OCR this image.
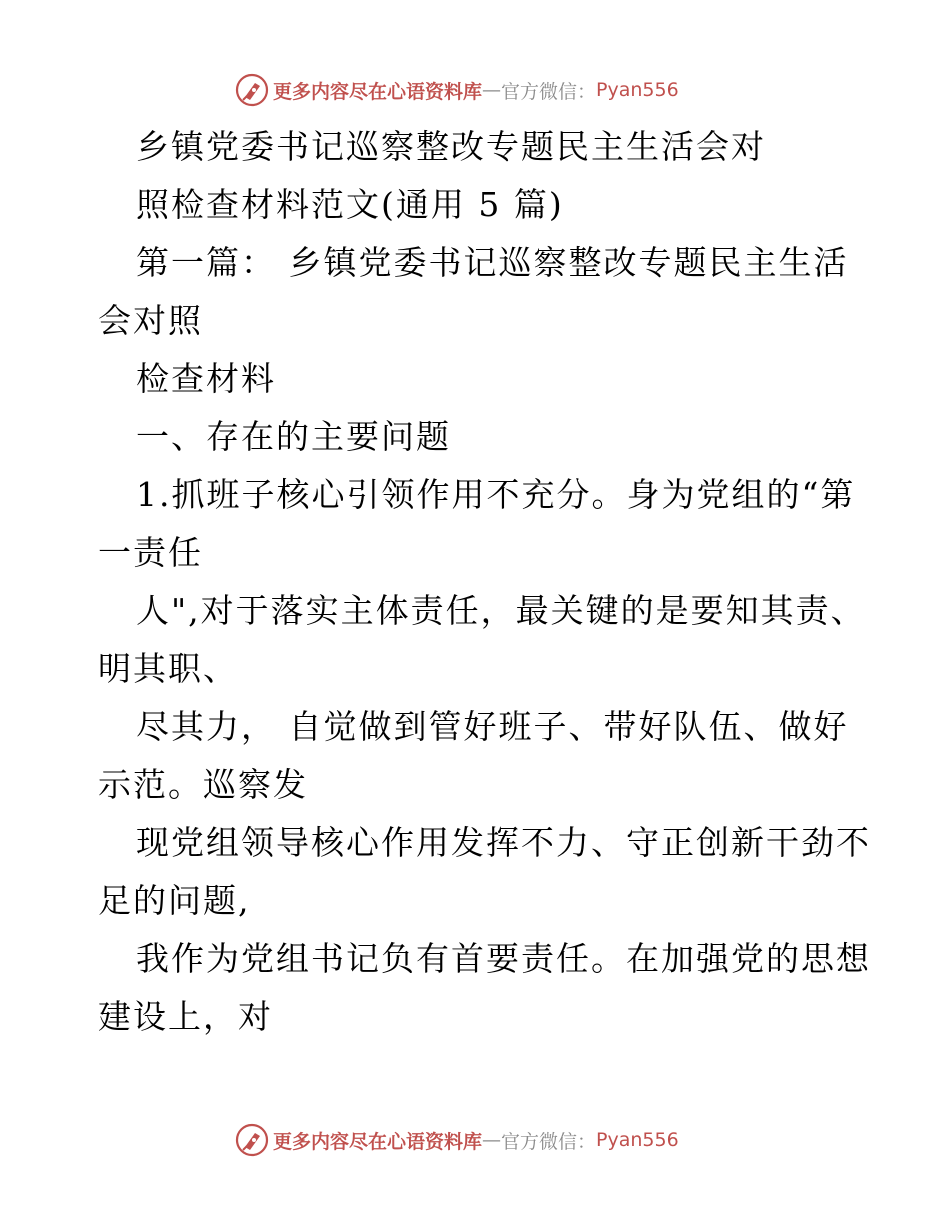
更多内容尽在心语资料库 — 官方微信： Pyan556
乡镇党委书记巡察整改专题民主生活会对
照检查材料范文(通用 5 篇)
第一篇： 乡镇党委书记巡察整改专题民主生活
会对照
检查材料
一、存在的主要问题
1.抓班子核心引领作用不充分。身为党组的“第
一责任
人",对于落实主体责任，最关键的是要知其责、
明其职、
尽其力， 自觉做到管好班子、带好队伍、做好
示范。巡察发
现党组领导核心作用发挥不力、守正创新干劲不
足的问题,
我作为党组书记负有首要责任。在加强党的思想
建设上，对
更多内容尽在心语资料库 — 官方微信： Pyan556
